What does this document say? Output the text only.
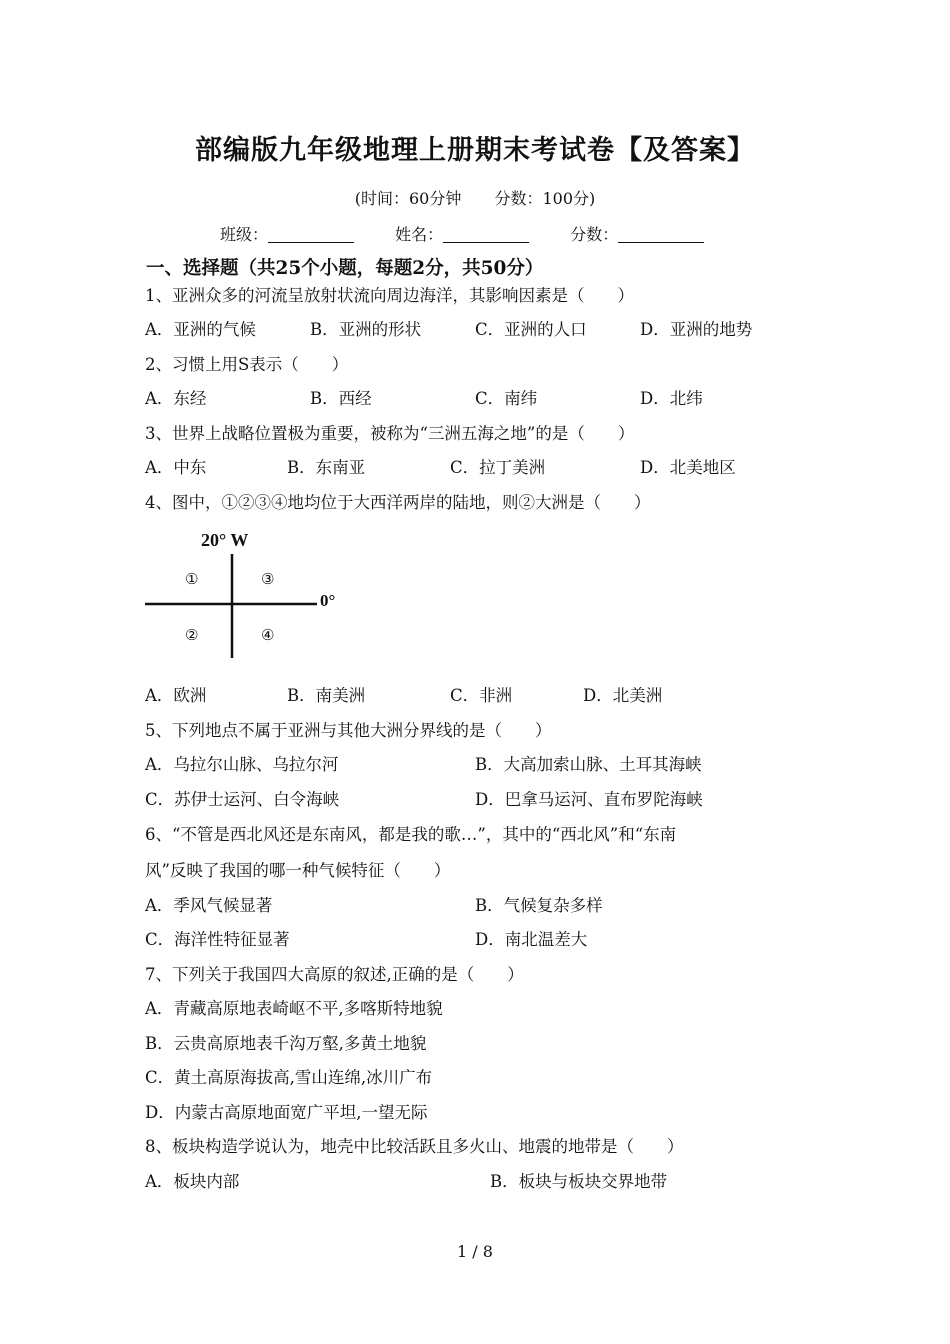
部编版九年级地理上册期末考试卷【及答案】
(时间：60分钟 分数：100分)
班级：	姓名：	分数：
一、选择题（共25个小题，每题2分，共50分）
1、亚洲众多的河流呈放射状流向周边海洋，其影响因素是（　　）
A．亚洲的气候	B．亚洲的形状	C．亚洲的人口	D．亚洲的地势
2、习惯上用S表示（　　）
A．东经	B．西经	C．南纬	D．北纬
3、世界上战略位置极为重要，被称为“三洲五海之地”的是（　　）
A．中东	B．东南亚	C．拉丁美洲	D．北美地区
4、图中，①②③④地均位于大西洋两岸的陆地，则②大洲是（　　）
20° W
0°
①	③
②	④
A．欧洲	B．南美洲	C．非洲	D．北美洲
5、下列地点不属于亚洲与其他大洲分界线的是（　　）
A．乌拉尔山脉、乌拉尔河	B．大高加索山脉、土耳其海峡
C．苏伊士运河、白令海峡	D．巴拿马运河、直布罗陀海峡
6、“不管是西北风还是东南风，都是我的歌…”，其中的“西北风”和“东南
风”反映了我国的哪一种气候特征（　　）
A．季风气候显著	B．气候复杂多样
C．海洋性特征显著	D．南北温差大
7、下列关于我国四大高原的叙述,正确的是（　　）
A．青藏高原地表崎岖不平,多喀斯特地貌
B．云贵高原地表千沟万壑,多黄土地貌
C．黄土高原海拔高,雪山连绵,冰川广布
D．内蒙古高原地面宽广平坦,一望无际
8、板块构造学说认为，地壳中比较活跃且多火山、地震的地带是（　　）
A．板块内部	B．板块与板块交界地带
1 / 8
